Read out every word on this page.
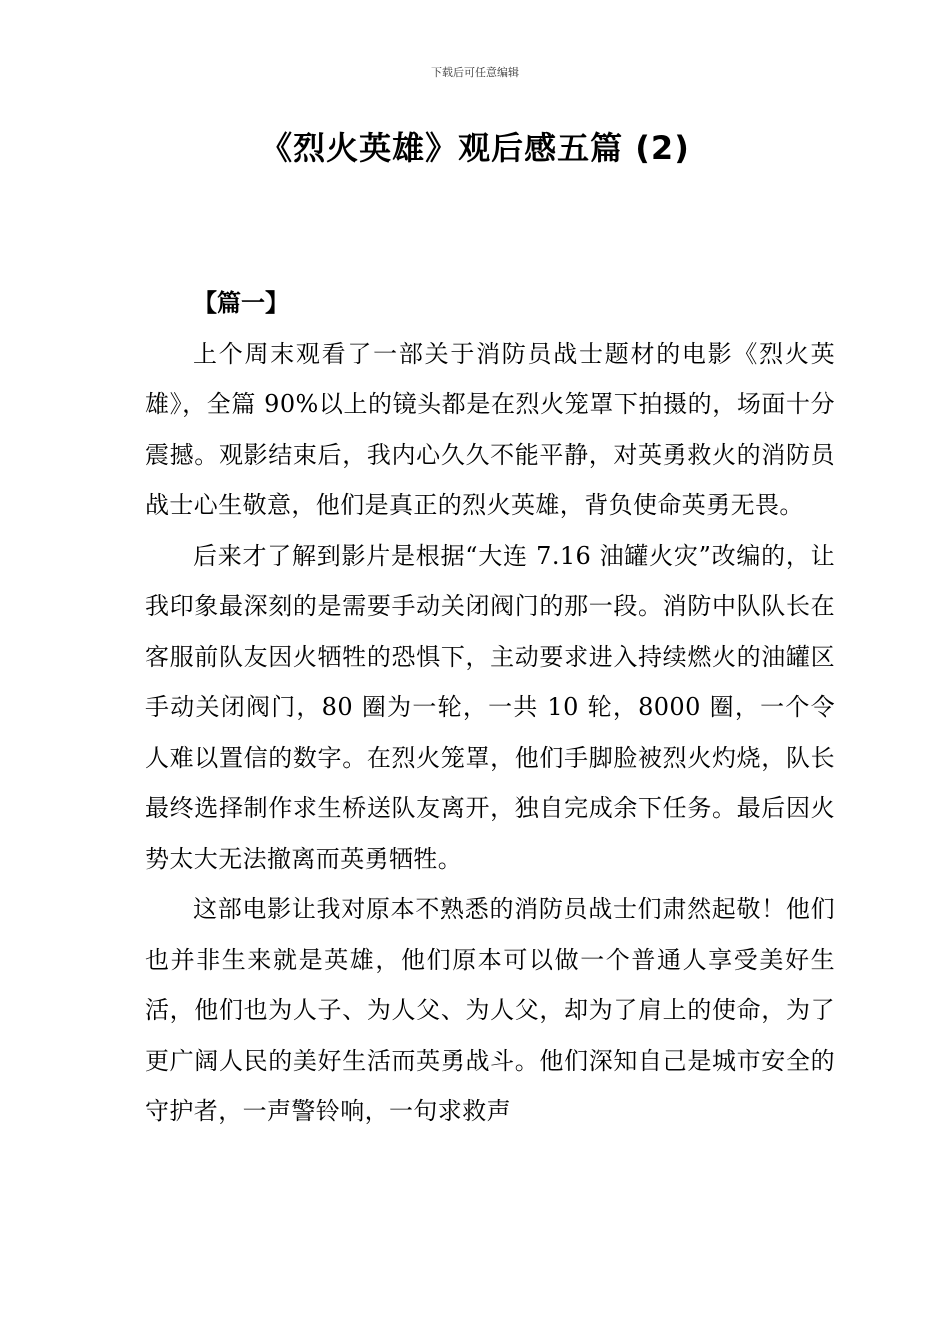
下载后可任意编辑
《烈火英雄》观后感五篇 (2)

【篇一】

上个周末观看了一部关于消防员战士题材的电影《烈火英雄》，全篇 90%以上的镜头都是在烈火笼罩下拍摄的，场面十分震撼。观影结束后，我内心久久不能平静，对英勇救火的消防员战士心生敬意，他们是真正的烈火英雄，背负使命英勇无畏。

后来才了解到影片是根据“大连 7.16 油罐火灾”改编的，让我印象最深刻的是需要手动关闭阀门的那一段。消防中队队长在客服前队友因火牺牲的恐惧下，主动要求进入持续燃火的油罐区手动关闭阀门，80 圈为一轮，一共 10 轮，8000 圈，一个令人难以置信的数字。在烈火笼罩，他们手脚脸被烈火灼烧，队长最终选择制作求生桥送队友离开，独自完成余下任务。最后因火势太大无法撤离而英勇牺牲。

这部电影让我对原本不熟悉的消防员战士们肃然起敬！他们也并非生来就是英雄，他们原本可以做一个普通人享受美好生活，他们也为人子、为人父、为人父，却为了肩上的使命，为了更广阔人民的美好生活而英勇战斗。他们深知自己是城市安全的守护者，一声警铃响，一句求救声
